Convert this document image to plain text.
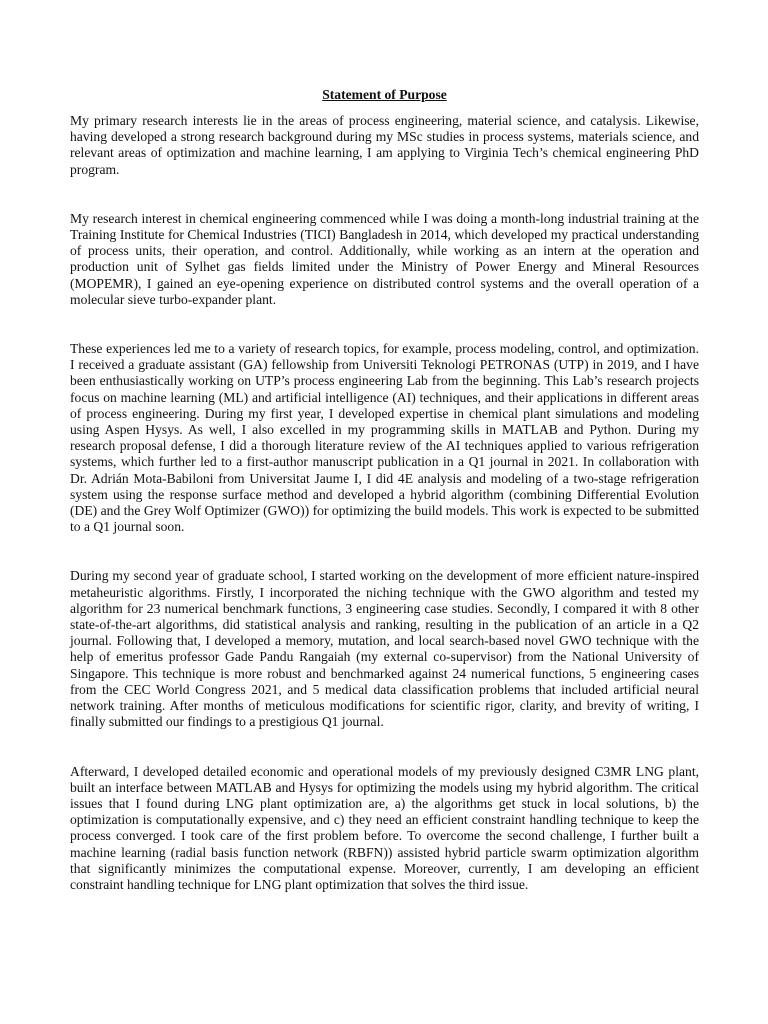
Statement of Purpose

My primary research interests lie in the areas of process engineering, material science, and catalysis. Likewise, having developed a strong research background during my MSc studies in process systems, materials science, and relevant areas of optimization and machine learning, I am applying to Virginia Tech’s chemical engineering PhD program.

My research interest in chemical engineering commenced while I was doing a month-long industrial training at the Training Institute for Chemical Industries (TICI) Bangladesh in 2014, which developed my practical understanding of process units, their operation, and control. Additionally, while working as an intern at the operation and production unit of Sylhet gas fields limited under the Ministry of Power Energy and Mineral Resources (MOPEMR), I gained an eye-opening experience on distributed control systems and the overall operation of a molecular sieve turbo-expander plant.

These experiences led me to a variety of research topics, for example, process modeling, control, and optimization. I received a graduate assistant (GA) fellowship from Universiti Teknologi PETRONAS (UTP) in 2019, and I have been enthusiastically working on UTP’s process engineering Lab from the beginning. This Lab’s research projects focus on machine learning (ML) and artificial intelligence (AI) techniques, and their applications in different areas of process engineering. During my first year, I developed expertise in chemical plant simulations and modeling using Aspen Hysys. As well, I also excelled in my programming skills in MATLAB and Python. During my research proposal defense, I did a thorough literature review of the AI techniques applied to various refrigeration systems, which further led to a first-author manuscript publication in a Q1 journal in 2021. In collaboration with Dr. Adrián Mota-Babiloni from Universitat Jaume I, I did 4E analysis and modeling of a two-stage refrigeration system using the response surface method and developed a hybrid algorithm (combining Differential Evolution (DE) and the Grey Wolf Optimizer (GWO)) for optimizing the build models. This work is expected to be submitted to a Q1 journal soon.

During my second year of graduate school, I started working on the development of more efficient nature-inspired metaheuristic algorithms. Firstly, I incorporated the niching technique with the GWO algorithm and tested my algorithm for 23 numerical benchmark functions, 3 engineering case studies. Secondly, I compared it with 8 other state-of-the-art algorithms, did statistical analysis and ranking, resulting in the publication of an article in a Q2 journal. Following that, I developed a memory, mutation, and local search-based novel GWO technique with the help of emeritus professor Gade Pandu Rangaiah (my external co-supervisor) from the National University of Singapore. This technique is more robust and benchmarked against 24 numerical functions, 5 engineering cases from the CEC World Congress 2021, and 5 medical data classification problems that included artificial neural network training. After months of meticulous modifications for scientific rigor, clarity, and brevity of writing, I finally submitted our findings to a prestigious Q1 journal.

Afterward, I developed detailed economic and operational models of my previously designed C3MR LNG plant, built an interface between MATLAB and Hysys for optimizing the models using my hybrid algorithm. The critical issues that I found during LNG plant optimization are, a) the algorithms get stuck in local solutions, b) the optimization is computationally expensive, and c) they need an efficient constraint handling technique to keep the process converged. I took care of the first problem before. To overcome the second challenge, I further built a machine learning (radial basis function network (RBFN)) assisted hybrid particle swarm optimization algorithm that significantly minimizes the computational expense. Moreover, currently, I am developing an efficient constraint handling technique for LNG plant optimization that solves the third issue.
